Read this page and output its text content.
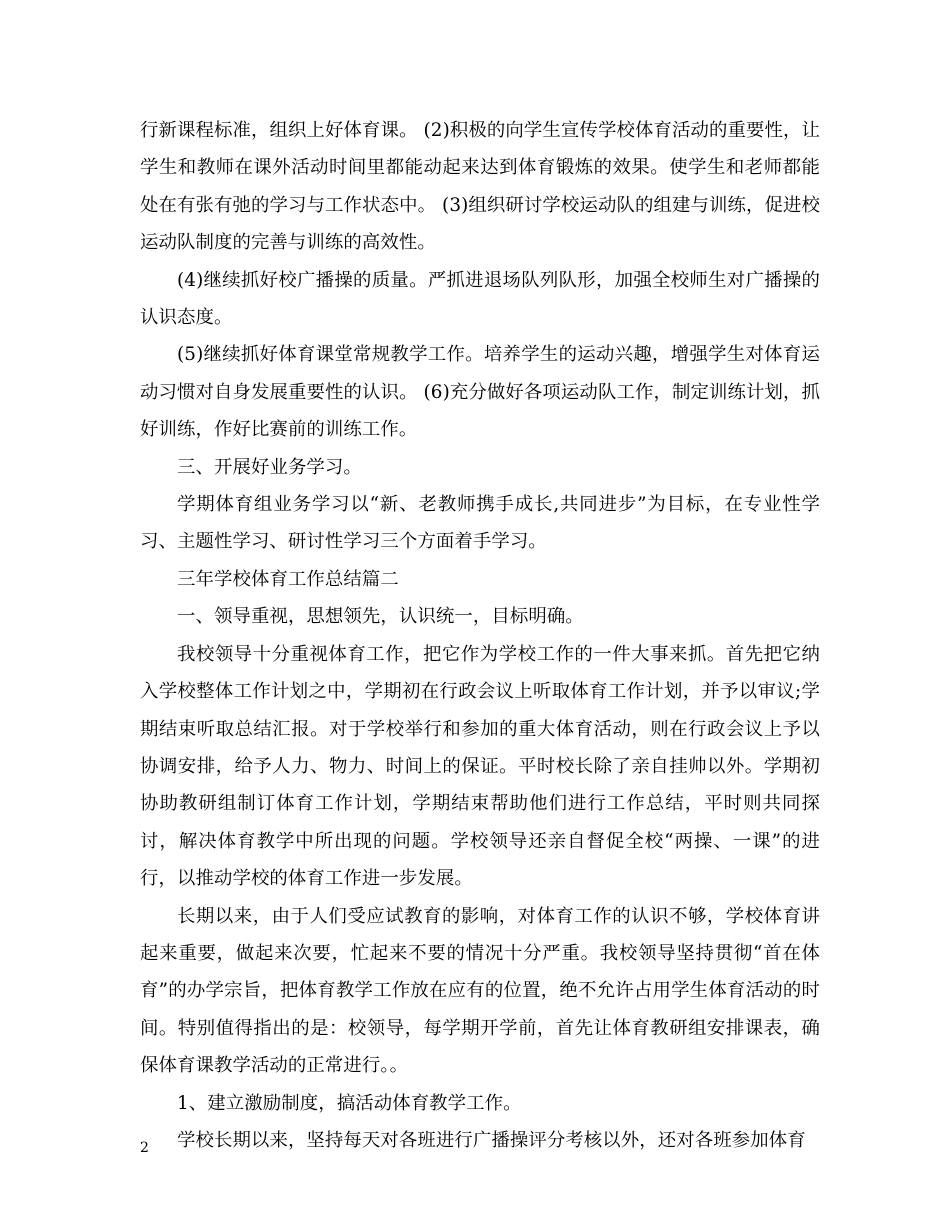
行新课程标准，组织上好体育课。 (2)积极的向学生宣传学校体育活动的重要性，让学生和教师在课外活动时间里都能动起来达到体育锻炼的效果。使学生和老师都能处在有张有弛的学习与工作状态中。 (3)组织研讨学校运动队的组建与训练，促进校运动队制度的完善与训练的高效性。

(4)继续抓好校广播操的质量。严抓进退场队列队形，加强全校师生对广播操的认识态度。

(5)继续抓好体育课堂常规教学工作。培养学生的运动兴趣，增强学生对体育运动习惯对自身发展重要性的认识。 (6)充分做好各项运动队工作，制定训练计划，抓好训练，作好比赛前的训练工作。

三、开展好业务学习。

学期体育组业务学习以“新、老教师携手成长,共同进步”为目标，在专业性学习、主题性学习、研讨性学习三个方面着手学习。

三年学校体育工作总结篇二

一、领导重视，思想领先，认识统一，目标明确。

我校领导十分重视体育工作，把它作为学校工作的一件大事来抓。首先把它纳入学校整体工作计划之中，学期初在行政会议上听取体育工作计划，并予以审议;学期结束听取总结汇报。对于学校举行和参加的重大体育活动，则在行政会议上予以协调安排，给予人力、物力、时间上的保证。平时校长除了亲自挂帅以外。学期初协助教研组制订体育工作计划，学期结束帮助他们进行工作总结，平时则共同探讨，解决体育教学中所出现的问题。学校领导还亲自督促全校“两操、一课”的进行，以推动学校的体育工作进一步发展。

长期以来，由于人们受应试教育的影响，对体育工作的认识不够，学校体育讲起来重要，做起来次要，忙起来不要的情况十分严重。我校领导坚持贯彻“首在体育”的办学宗旨，把体育教学工作放在应有的位置，绝不允许占用学生体育活动的时间。特别值得指出的是：校领导，每学期开学前，首先让体育教研组安排课表，确保体育课教学活动的正常进行。。

1、建立激励制度，搞活动体育教学工作。

学校长期以来，坚持每天对各班进行广播操评分考核以外，还对各班参加体育

2
